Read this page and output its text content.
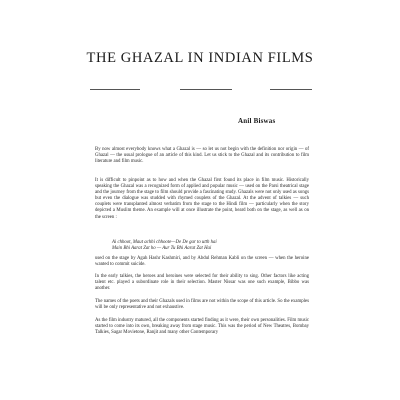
THE GHAZAL IN INDIAN FILMS
Anil Biswas

By now almost everybody knows what a Ghazal is — so let us not begin with the definition nor origin — of Ghazal — the usual prologue of an article of this kind. Let us stick to the Ghazal and its contribution to film literature and film music.

It is difficult to pinpoint as to how and when the Ghazal first found its place in film music. Historically speaking the Ghazal was a recognized form of applied and popular music — used on the Parsi theatrical stage and the journey from the stage to film should provide a fascinating study. Ghazals were not only used as songs but even the dialogue was studded with rhymed couplets of the Ghazal. At the advent of talkies — such couplets were transplanted almost verbatim from the stage to the Hindi film — particularly when the story depicted a Muslim theme. An example will at once illustrate the point, heard both on the stage, as well as on the screen :

Ai chhoot, Maut achhi chhoote—De De gar to utth hai
Main Bhi Aarat Zat ho — Aur Tu Bhi Aarat Zat Hai

used on the stage by Agah Hashr Kashmiri, and by Abdul Rehman Kabli on the screen — when the heroine wanted to commit suicide.

In the early talkies, the heroes and heroines were selected for their ability to sing. Other factors like acting talent etc. played a subordinate role in their selection. Master Nissar was one such example, Bibbo was another.

The names of the poets and their Ghazals used in films are not within the scope of this article. So the examples will be only representative and not exhaustive.

As the film industry matured, all the components started finding as it were, their own personalities. Film music started to come into its own, breaking away from stage music. This was the period of New Theatres, Bombay Talkies, Sagar Movietone, Ranjit and many other Contemporary
